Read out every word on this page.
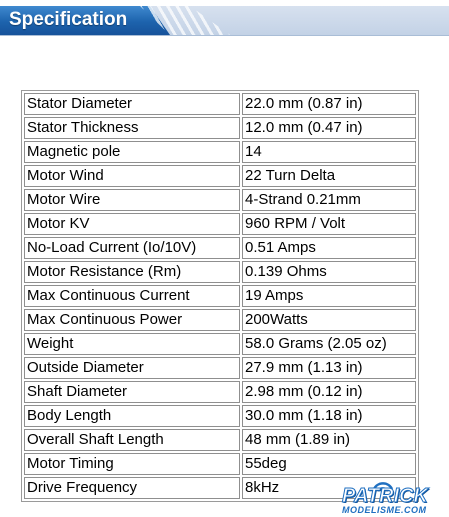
Specification
Stator Diameter	22.0 mm (0.87 in)
Stator Thickness	12.0 mm (0.47 in)
Magnetic pole	14
Motor Wind	22 Turn Delta
Motor Wire	4-Strand 0.21mm
Motor KV	960 RPM / Volt
No-Load Current (Io/10V)	0.51 Amps
Motor Resistance (Rm)	0.139 Ohms
Max Continuous Current	19 Amps
Max Continuous Power	200Watts
Weight	58.0 Grams (2.05 oz)
Outside Diameter	27.9 mm (1.13 in)
Shaft Diameter	2.98 mm (0.12 in)
Body Length	30.0 mm (1.18 in)
Overall Shaft Length	48 mm (1.89 in)
Motor Timing	55deg
Drive Frequency	8kHz	PATRICK
MODELISME.COM
